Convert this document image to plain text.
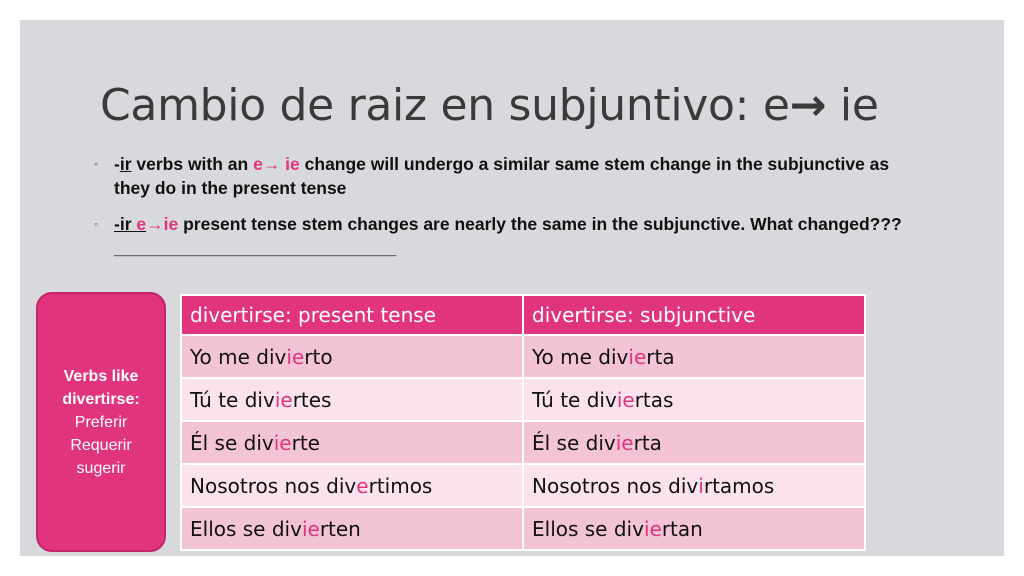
Cambio de raiz en subjuntivo: e→ ie
◦ -ir verbs with an e→ ie change will undergo a similar same stem change in the subjunctive as they do in the present tense
◦ -ir e→ie present tense stem changes are nearly the same in the subjunctive. What changed???_____________________________
Verbs like divertirse:
Preferir
Requerir
sugerir
divertirse: present tense	divertirse: subjunctive
Yo me divierto	Yo me divierta
Tú te diviertes	Tú te diviertas
Él se divierte	Él se divierta
Nosotros nos divertimos	Nosotros nos divirtamos
Ellos se divierten	Ellos se diviertan
